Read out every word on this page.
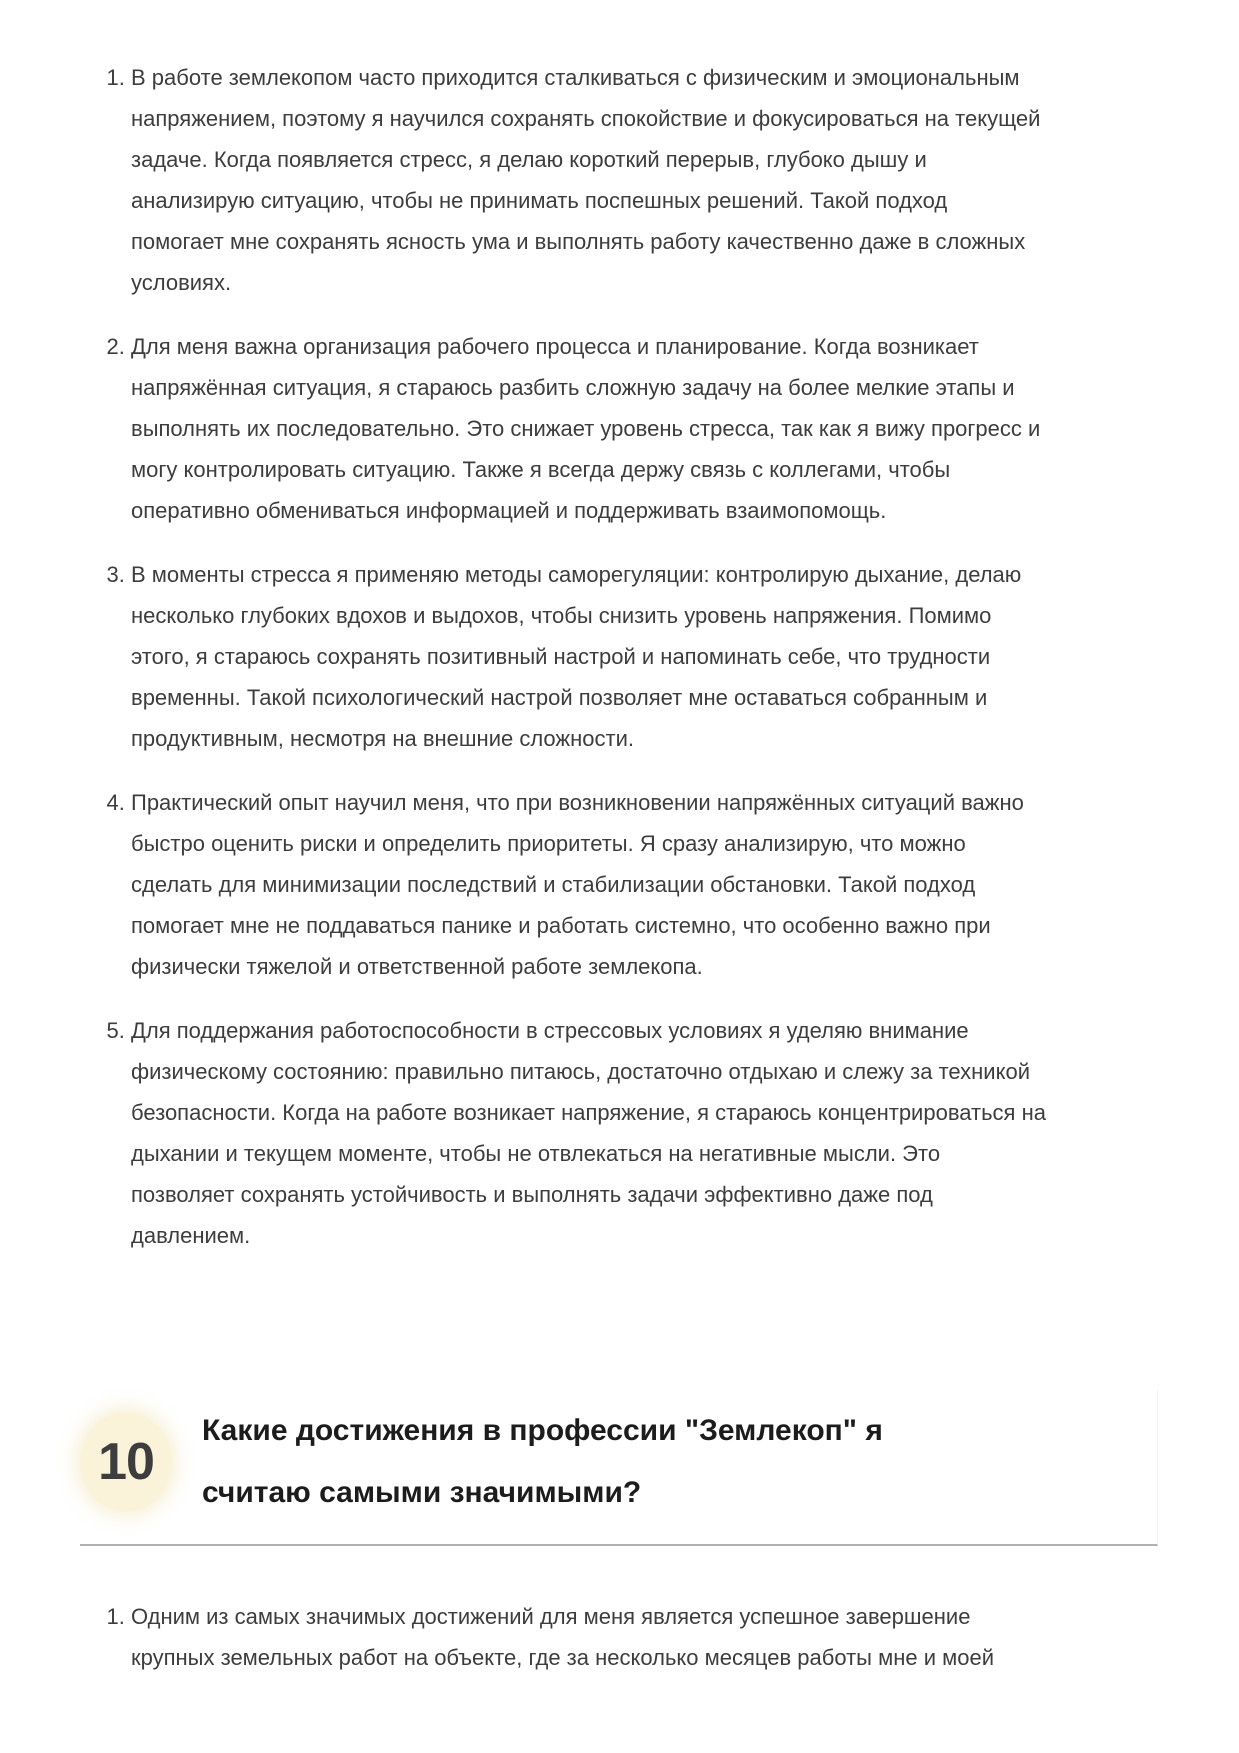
1. В работе землекопом часто приходится сталкиваться с физическим и эмоциональным напряжением, поэтому я научился сохранять спокойствие и фокусироваться на текущей задаче. Когда появляется стресс, я делаю короткий перерыв, глубоко дышу и анализирую ситуацию, чтобы не принимать поспешных решений. Такой подход помогает мне сохранять ясность ума и выполнять работу качественно даже в сложных условиях.
2. Для меня важна организация рабочего процесса и планирование. Когда возникает напряжённая ситуация, я стараюсь разбить сложную задачу на более мелкие этапы и выполнять их последовательно. Это снижает уровень стресса, так как я вижу прогресс и могу контролировать ситуацию. Также я всегда держу связь с коллегами, чтобы оперативно обмениваться информацией и поддерживать взаимопомощь.
3. В моменты стресса я применяю методы саморегуляции: контролирую дыхание, делаю несколько глубоких вдохов и выдохов, чтобы снизить уровень напряжения. Помимо этого, я стараюсь сохранять позитивный настрой и напоминать себе, что трудности временны. Такой психологический настрой позволяет мне оставаться собранным и продуктивным, несмотря на внешние сложности.
4. Практический опыт научил меня, что при возникновении напряжённых ситуаций важно быстро оценить риски и определить приоритеты. Я сразу анализирую, что можно сделать для минимизации последствий и стабилизации обстановки. Такой подход помогает мне не поддаваться панике и работать системно, что особенно важно при физически тяжелой и ответственной работе землекопа.
5. Для поддержания работоспособности в стрессовых условиях я уделяю внимание физическому состоянию: правильно питаюсь, достаточно отдыхаю и слежу за техникой безопасности. Когда на работе возникает напряжение, я стараюсь концентрироваться на дыхании и текущем моменте, чтобы не отвлекаться на негативные мысли. Это позволяет сохранять устойчивость и выполнять задачи эффективно даже под давлением.
10
Какие достижения в профессии "Землекоп" я считаю самыми значимыми?
1. Одним из самых значимых достижений для меня является успешное завершение крупных земельных работ на объекте, где за несколько месяцев работы мне и моей
